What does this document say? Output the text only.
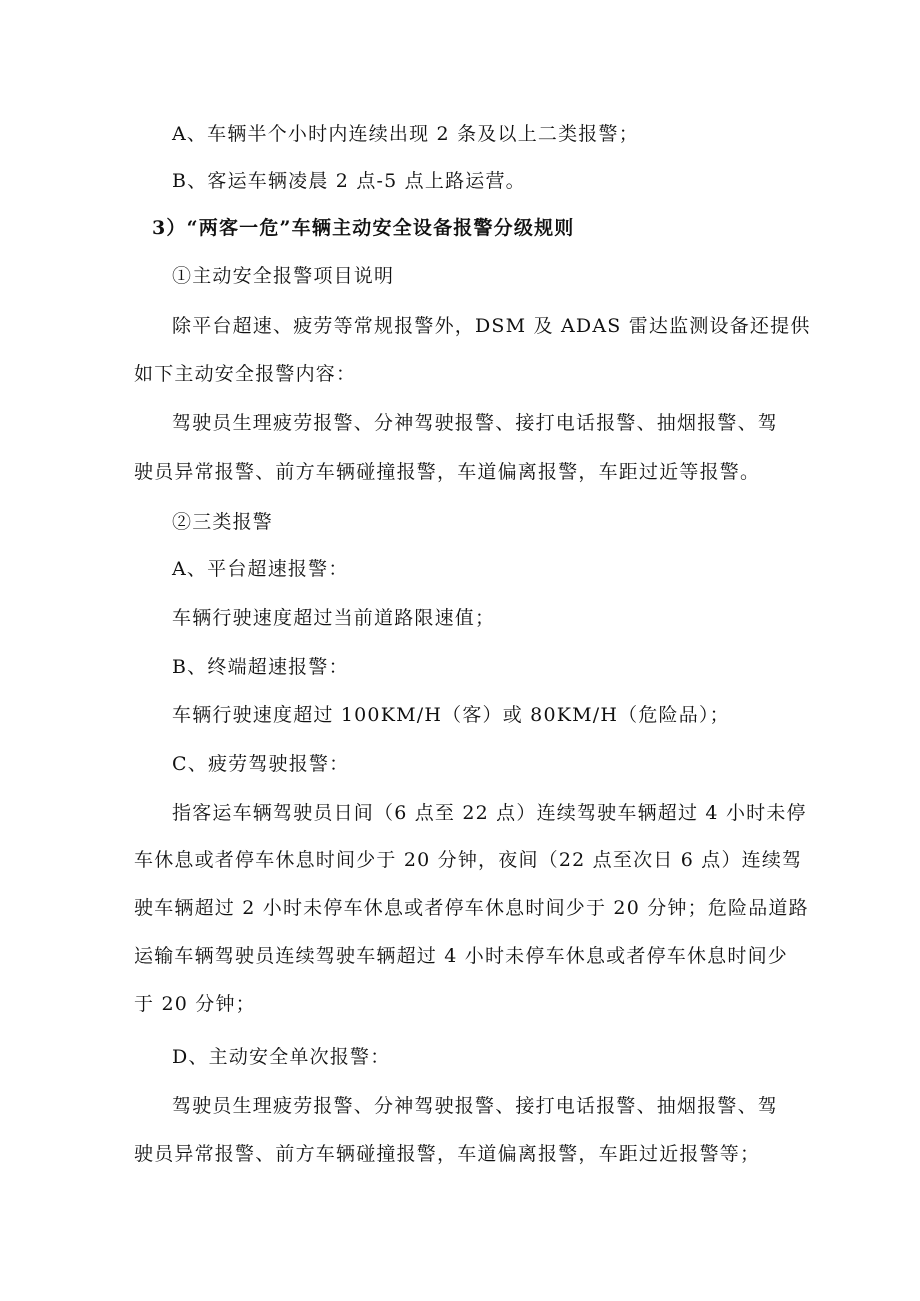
A、车辆半个小时内连续出现 2 条及以上二类报警；
B、客运车辆凌晨 2 点-5 点上路运营。
3）“两客一危”车辆主动安全设备报警分级规则
①主动安全报警项目说明
除平台超速、疲劳等常规报警外，DSM 及 ADAS 雷达监测设备还提供
如下主动安全报警内容：
驾驶员生理疲劳报警、分神驾驶报警、接打电话报警、抽烟报警、驾
驶员异常报警、前方车辆碰撞报警，车道偏离报警，车距过近等报警。
②三类报警
A、平台超速报警：
车辆行驶速度超过当前道路限速值；
B、终端超速报警：
车辆行驶速度超过 100KM/H（客）或 80KM/H（危险品）；
C、疲劳驾驶报警：
指客运车辆驾驶员日间（6 点至 22 点）连续驾驶车辆超过 4 小时未停
车休息或者停车休息时间少于 20 分钟，夜间（22 点至次日 6 点）连续驾
驶车辆超过 2 小时未停车休息或者停车休息时间少于 20 分钟；危险品道路
运输车辆驾驶员连续驾驶车辆超过 4 小时未停车休息或者停车休息时间少
于 20 分钟；
D、主动安全单次报警：
驾驶员生理疲劳报警、分神驾驶报警、接打电话报警、抽烟报警、驾
驶员异常报警、前方车辆碰撞报警，车道偏离报警，车距过近报警等；
